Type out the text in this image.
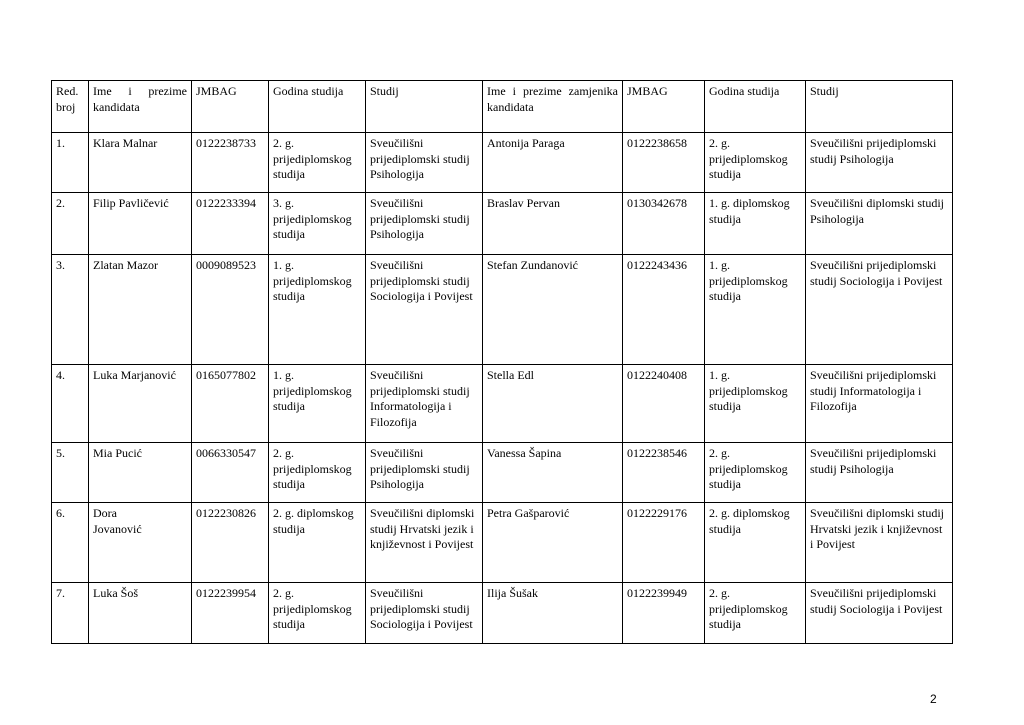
Red. broj	Ime i prezime kandidata	JMBAG	Godina studija	Studij	Ime i prezime zamjenika kandidata	JMBAG	Godina studija	Studij
1.	Klara Malnar	0122238733	2. g. prijediplomskog studija	Sveučilišni prijediplomski studij Psihologija	Antonija Paraga	0122238658	2. g. prijediplomskog studija	Sveučilišni prijediplomski studij Psihologija
2.	Filip Pavličević	0122233394	3. g. prijediplomskog studija	Sveučilišni prijediplomski studij Psihologija	Braslav Pervan	0130342678	1. g. diplomskog studija	Sveučilišni diplomski studij Psihologija
3.	Zlatan Mazor	0009089523	1. g. prijediplomskog studija	Sveučilišni prijediplomski studij Sociologija i Povijest	Stefan Zundanović	0122243436	1. g. prijediplomskog studija	Sveučilišni prijediplomski studij Sociologija i Povijest
4.	Luka Marjanović	0165077802	1. g. prijediplomskog studija	Sveučilišni prijediplomski studij Informatologija i Filozofija	Stella Edl	0122240408	1. g. prijediplomskog studija	Sveučilišni prijediplomski studij Informatologija i Filozofija
5.	Mia Pucić	0066330547	2. g. prijediplomskog studija	Sveučilišni prijediplomski studij Psihologija	Vanessa Šapina	0122238546	2. g. prijediplomskog studija	Sveučilišni prijediplomski studij Psihologija
6.	Dora Jovanović	0122230826	2. g. diplomskog studija	Sveučilišni diplomski studij Hrvatski jezik i književnost i Povijest	Petra Gašparović	0122229176	2. g. diplomskog studija	Sveučilišni diplomski studij Hrvatski jezik i književnost i Povijest
7.	Luka Šoš	0122239954	2. g. prijediplomskog studija	Sveučilišni prijediplomski studij Sociologija i Povijest	Ilija Šušak	0122239949	2. g. prijediplomskog studija	Sveučilišni prijediplomski studij Sociologija i Povijest
2
